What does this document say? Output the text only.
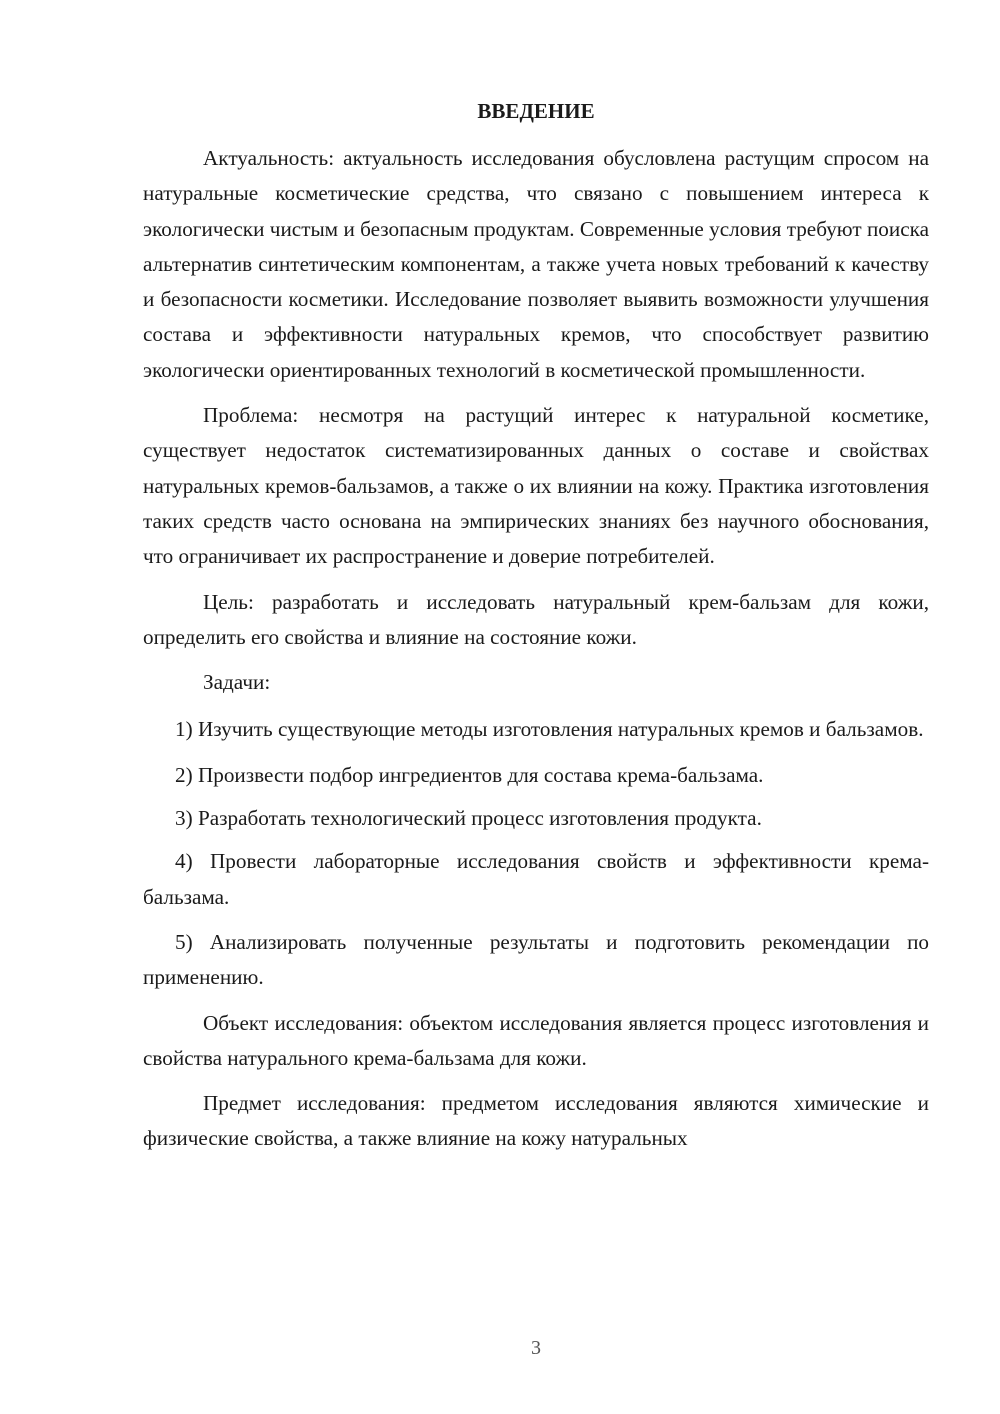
ВВЕДЕНИЕ

Актуальность: актуальность исследования обусловлена растущим спросом на натуральные косметические средства, что связано с повышением интереса к экологически чистым и безопасным продуктам. Современные условия требуют поиска альтернатив синтетическим компонентам, а также учета новых требований к качеству и безопасности косметики. Исследование позволяет выявить возможности улучшения состава и эффективности натуральных кремов, что способствует развитию экологически ориентированных технологий в косметической промышленности.

Проблема: несмотря на растущий интерес к натуральной косметике, существует недостаток систематизированных данных о составе и свойствах натуральных кремов-бальзамов, а также о их влиянии на кожу. Практика изготовления таких средств часто основана на эмпирических знаниях без научного обоснования, что ограничивает их распространение и доверие потребителей.

Цель: разработать и исследовать натуральный крем-бальзам для кожи, определить его свойства и влияние на состояние кожи.

Задачи:

1) Изучить существующие методы изготовления натуральных кремов и бальзамов.

2) Произвести подбор ингредиентов для состава крема-бальзама.

3) Разработать технологический процесс изготовления продукта.

4) Провести лабораторные исследования свойств и эффективности крема-бальзама.

5) Анализировать полученные результаты и подготовить рекомендации по применению.

Объект исследования: объектом исследования является процесс изготовления и свойства натурального крема-бальзама для кожи.

Предмет исследования: предметом исследования являются химические и физические свойства, а также влияние на кожу натуральных

3
